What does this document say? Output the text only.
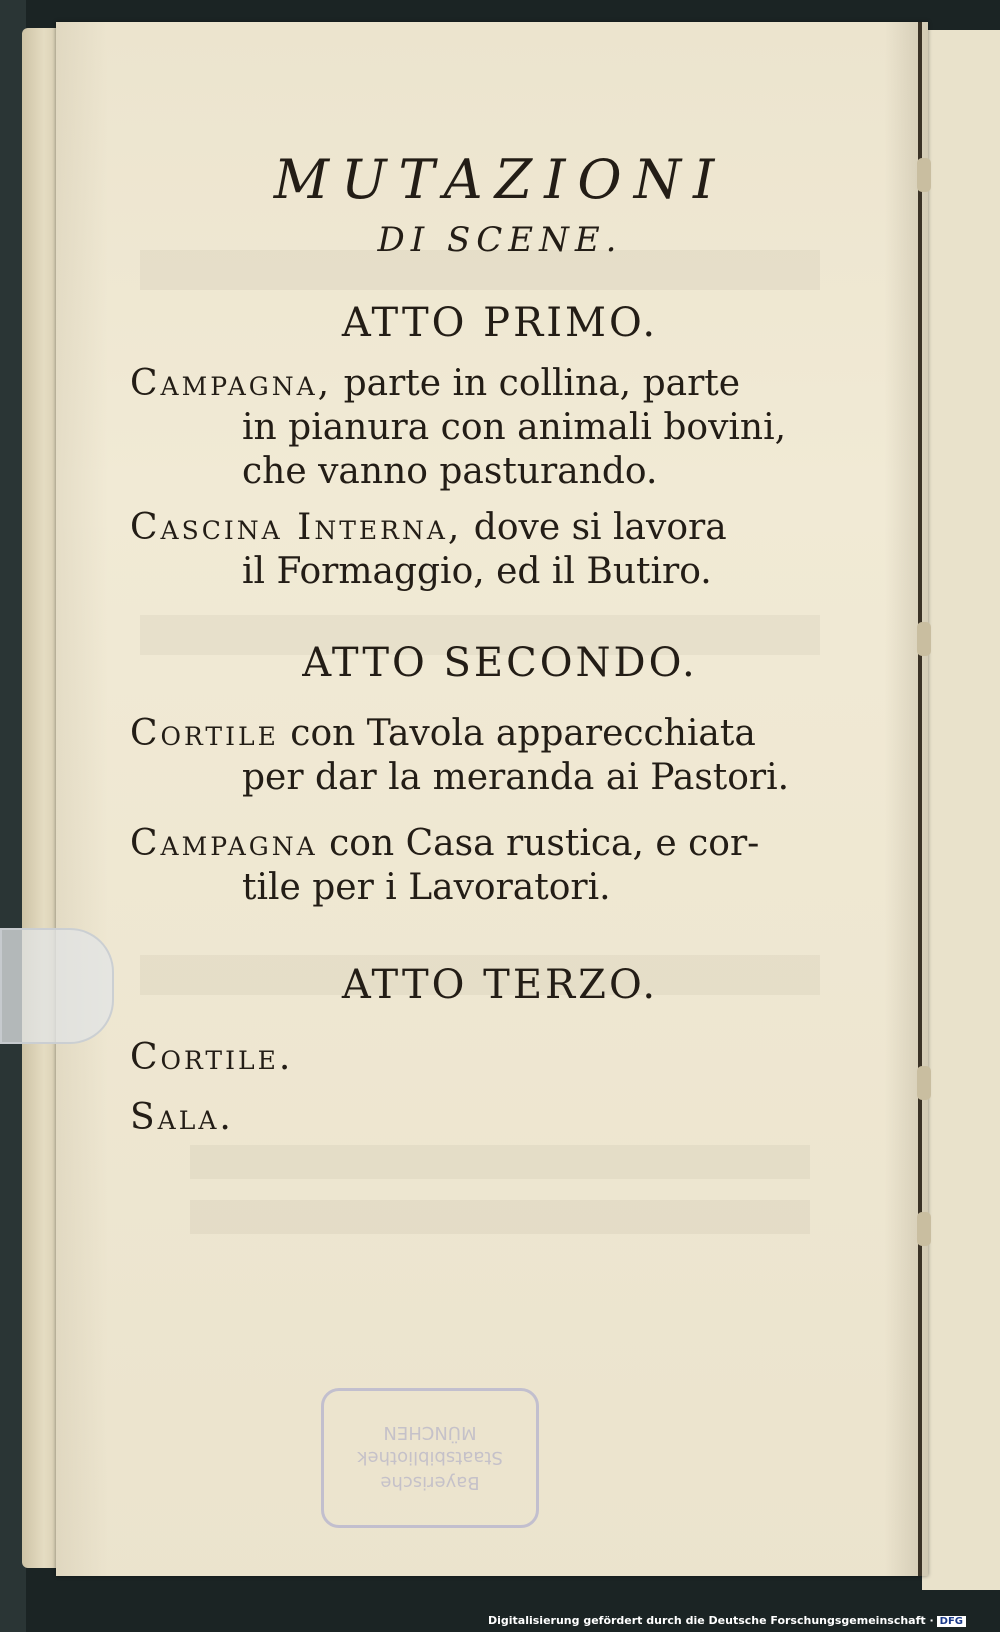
Bayerische
Staatsbibliothek
MÜNCHEN
MUTAZIONI
DI SCENE.
ATTO PRIMO.
Campagna, parte in collina, parte
in pianura con animali bovini,
che vanno pasturando.
Cascina Interna, dove si lavora
il Formaggio, ed il Butiro.
ATTO SECONDO.
Cortile con Tavola apparecchiata
per dar la meranda ai Pastori.
Campagna con Casa rustica, e cor-
tile per i Lavoratori.
ATTO TERZO.
Cortile.
Sala.
Digitalisierung gefördert durch die Deutsche Forschungsgemeinschaft · DFG
